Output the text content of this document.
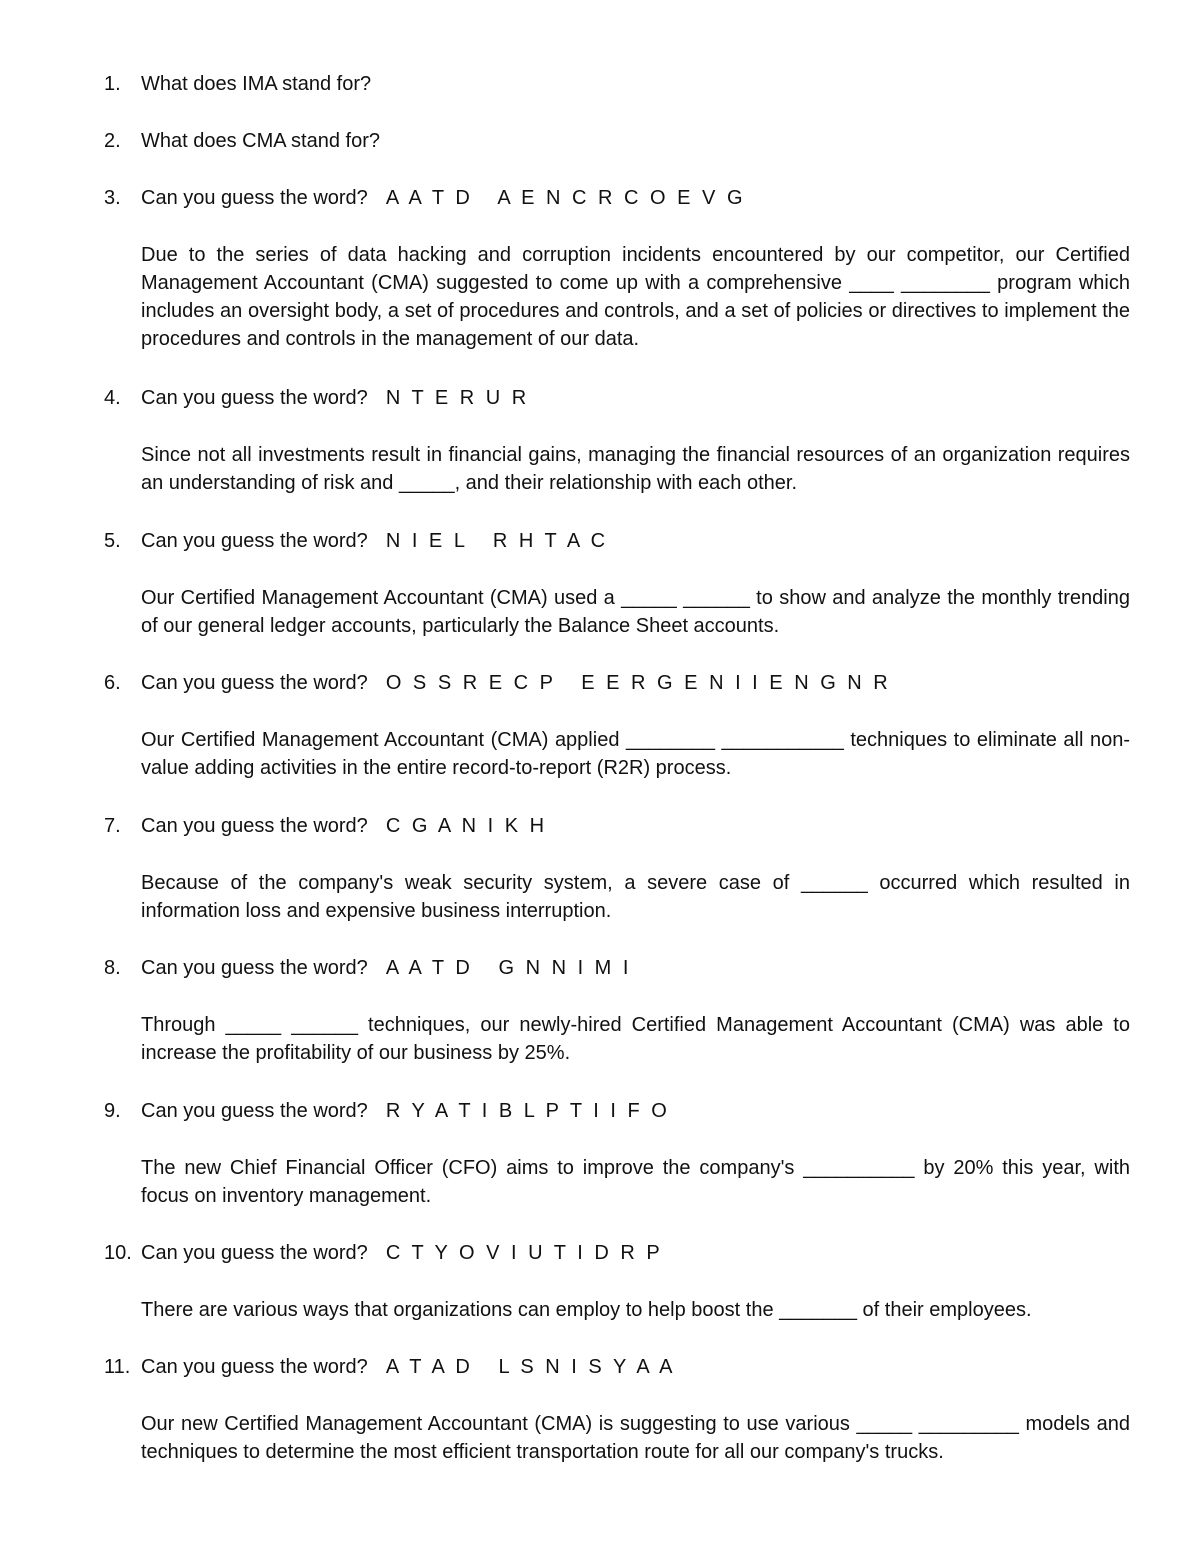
1.	What does IMA stand for?
2.	What does CMA stand for?
3.	Can you guess the word? A A T D   A E N C R C O E V G
Due to the series of data hacking and corruption incidents encountered by our competitor, our Certified Management Accountant (CMA) suggested to come up with a comprehensive ____ ________ program which includes an oversight body, a set of procedures and controls, and a set of policies or directives to implement the procedures and controls in the management of our data.
4.	Can you guess the word? N T E R U R
Since not all investments result in financial gains, managing the financial resources of an organization requires an understanding of risk and _____, and their relationship with each other.
5.	Can you guess the word? N I E L   R H T A C
Our Certified Management Accountant (CMA) used a _____ ______ to show and analyze the monthly trending of our general ledger accounts, particularly the Balance Sheet accounts.
6.	Can you guess the word? O S S R E C P   E E R G E N I I E N G N R
Our Certified Management Accountant (CMA) applied ________ ___________ techniques to eliminate all non-value adding activities in the entire record-to-report (R2R) process.
7.	Can you guess the word? C G A N I K H
Because of the company's weak security system, a severe case of ______ occurred which resulted in information loss and expensive business interruption.
8.	Can you guess the word? A A T D   G N N I M I
Through _____ ______ techniques, our newly-hired Certified Management Accountant (CMA) was able to increase the profitability of our business by 25%.
9.	Can you guess the word? R Y A T I B L P T I I F O
The new Chief Financial Officer (CFO) aims to improve the company's __________ by 20% this year, with focus on inventory management.
10. Can you guess the word? C T Y O V I U T I D R P
There are various ways that organizations can employ to help boost the _______ of their employees.
11. Can you guess the word? A T A D   L S N I S Y A A
Our new Certified Management Accountant (CMA) is suggesting to use various _____ _________ models and techniques to determine the most efficient transportation route for all our company's trucks.
